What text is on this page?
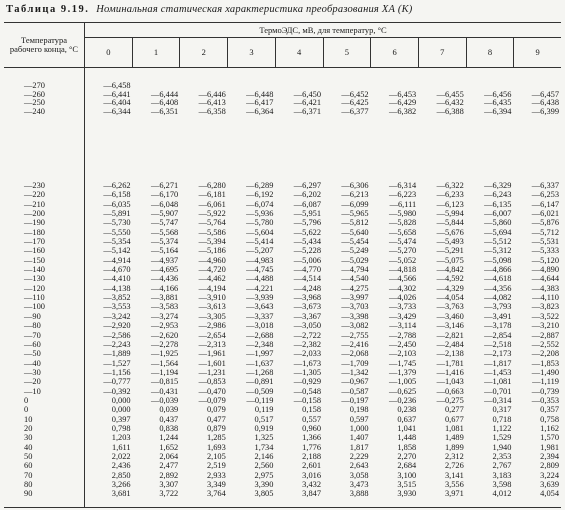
Таблица 9.19. Номинальная статическая характеристика преобразования ХА (К)
Температура рабочего конца, °С
ТермоЭДС, мВ, для температур, °С
0	1	2	3	4	5	6	7	8	9
—270	—6,458
—260	—6,441	—6,444	—6,446	—6,448	—6,450	—6,452	—6,453	—6,455	—6,456	—6,457
—250	—6,404	—6,408	—6,413	—6,417	—6,421	—6,425	—6,429	—6,432	—6,435	—6,438
—240	—6,344	—6,351	—6,358	—6,364	—6,371	—6,377	—6,382	—6,388	—6,394	—6,399
—230	—6,262	—6,271	—6,280	—6,289	—6,297	—6,306	—6,314	—6,322	—6,329	—6,337
—220	—6,158	—6,170	—6,181	—6,192	—6,202	—6,213	—6,223	—6,233	—6,243	—6,253
—210	—6,035	—6,048	—6,061	—6,074	—6,087	—6,099	—6,111	—6,123	—6,135	—6,147
—200	—5,891	—5,907	—5,922	—5,936	—5,951	—5,965	—5,980	—5,994	—6,007	—6,021
—190	—5,730	—5,747	—5,764	—5,780	—5,796	—5,812	—5,828	—5,844	—5,860	—5,876
—180	—5,550	—5,568	—5,586	—5,604	—5,622	—5,640	—5,658	—5,676	—5,694	—5,712
—170	—5,354	—5,374	—5,394	—5,414	—5,434	—5,454	—5,474	—5,493	—5,512	—5,531
—160	—5,142	—5,164	—5,186	—5,207	—5,228	—5,249	—5,270	—5,291	—5,312	—5,333
—150	—4,914	—4,937	—4,960	—4,983	—5,006	—5,029	—5,052	—5,075	—5,098	—5,120
—140	—4,670	—4,695	—4,720	—4,745	—4,770	—4,794	—4,818	—4,842	—4,866	—4,890
—130	—4,410	—4,436	—4,462	—4,488	—4,514	—4,540	—4,566	—4,592	—4,618	—4,644
—120	—4,138	—4,166	—4,194	—4,221	—4,248	—4,275	—4,302	—4,329	—4,356	—4,383
—110	—3,852	—3,881	—3,910	—3,939	—3,968	—3,997	—4,026	—4,054	—4,082	—4,110
—100	—3,553	—3,583	—3,613	—3,643	—3,673	—3,703	—3,733	—3,763	—3,793	—3,823
—90	—3,242	—3,274	—3,305	—3,337	—3,367	—3,398	—3,429	—3,460	—3,491	—3,522
—80	—2,920	—2,953	—2,986	—3,018	—3,050	—3,082	—3,114	—3,146	—3,178	—3,210
—70	—2,586	—2,620	—2,654	—2,688	—2,722	—2,755	—2,788	—2,821	—2,854	—2,887
—60	—2,243	—2,278	—2,313	—2,348	—2,382	—2,416	—2,450	—2,484	—2,518	—2,552
—50	—1,889	—1,925	—1,961	—1,997	—2,033	—2,068	—2,103	—2,138	—2,173	—2,208
—40	—1,527	—1,564	—1,601	—1,637	—1,673	—1,709	—1,745	—1,781	—1,817	—1,853
—30	—1,156	—1,194	—1,231	—1,268	—1,305	—1,342	—1,379	—1,416	—1,453	—1,490
—20	—0,777	—0,815	—0,853	—0,891	—0,929	—0,967	—1,005	—1,043	—1,081	—1,119
—10	—0,392	—0,431	—0,470	—0,509	—0,548	—0,587	—0,625	—0,663	—0,701	—0,739
0	0,000	—0,039	—0,079	—0,119	—0,158	—0,197	—0,236	—0,275	—0,314	—0,353
0	0,000	0,039	0,079	0,119	0,158	0,198	0,238	0,277	0,317	0,357
10	0,397	0,437	0,477	0,517	0,557	0,597	0,637	0,677	0,718	0,758
20	0,798	0,838	0,879	0,919	0,960	1,000	1,041	1,081	1,122	1,162
30	1,203	1,244	1,285	1,325	1,366	1,407	1,448	1,489	1,529	1,570
40	1,611	1,652	1,693	1,734	1,776	1,817	1,858	1,899	1,940	1,981
50	2,022	2,064	2,105	2,146	2,188	2,229	2,270	2,312	2,353	2,394
60	2,436	2,477	2,519	2,560	2,601	2,643	2,684	2,726	2,767	2,809
70	2,850	2,892	2,933	2,975	3,016	3,058	3,100	3,141	3,183	3,224
80	3,266	3,307	3,349	3,390	3,432	3,473	3,515	3,556	3,598	3,639
90	3,681	3,722	3,764	3,805	3,847	3,888	3,930	3,971	4,012	4,054
